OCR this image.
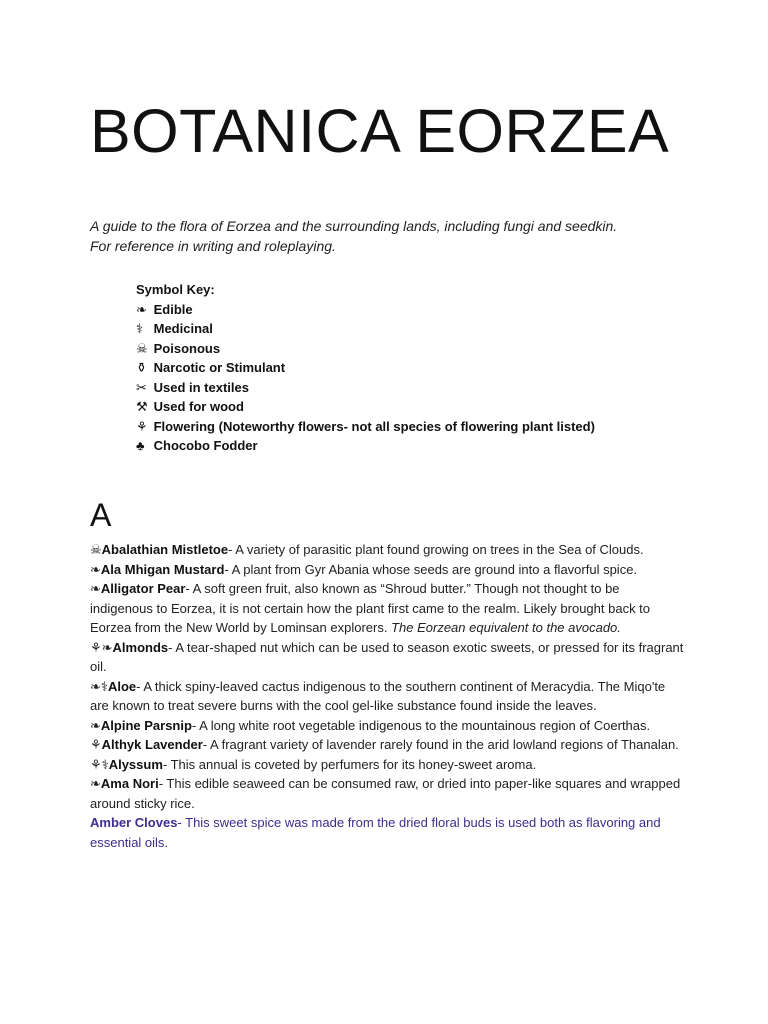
BOTANICA EORZEA

A guide to the flora of Eorzea and the surrounding lands, including fungi and seedkin.

For reference in writing and roleplaying.

Symbol Key:
❧ Edible
⚕ Medicinal
☠ Poisonous
⚱ Narcotic or Stimulant
✂ Used in textiles
⚒ Used for wood
⚘ Flowering (Noteworthy flowers- not all species of flowering plant listed)
♣ Chocobo Fodder
A

☠Abalathian Mistletoe- A variety of parasitic plant found growing on trees in the Sea of Clouds.

❧Ala Mhigan Mustard- A plant from Gyr Abania whose seeds are ground into a flavorful spice.

❧Alligator Pear- A soft green fruit, also known as “Shroud butter.” Though not thought to be indigenous to Eorzea, it is not certain how the plant first came to the realm. Likely brought back to Eorzea from the New World by Lominsan explorers. The Eorzean equivalent to the avocado.

⚘❧Almonds- A tear-shaped nut which can be used to season exotic sweets, or pressed for its fragrant oil.

❧⚕Aloe- A thick spiny-leaved cactus indigenous to the southern continent of Meracydia. The Miqo'te are known to treat severe burns with the cool gel-like substance found inside the leaves.

❧Alpine Parsnip- A long white root vegetable indigenous to the mountainous region of Coerthas.

⚘Althyk Lavender- A fragrant variety of lavender rarely found in the arid lowland regions of Thanalan.

⚘⚕Alyssum- This annual is coveted by perfumers for its honey-sweet aroma.

❧Ama Nori- This edible seaweed can be consumed raw, or dried into paper-like squares and wrapped around sticky rice.

Amber Cloves- This sweet spice was made from the dried floral buds is used both as flavoring and essential oils.
